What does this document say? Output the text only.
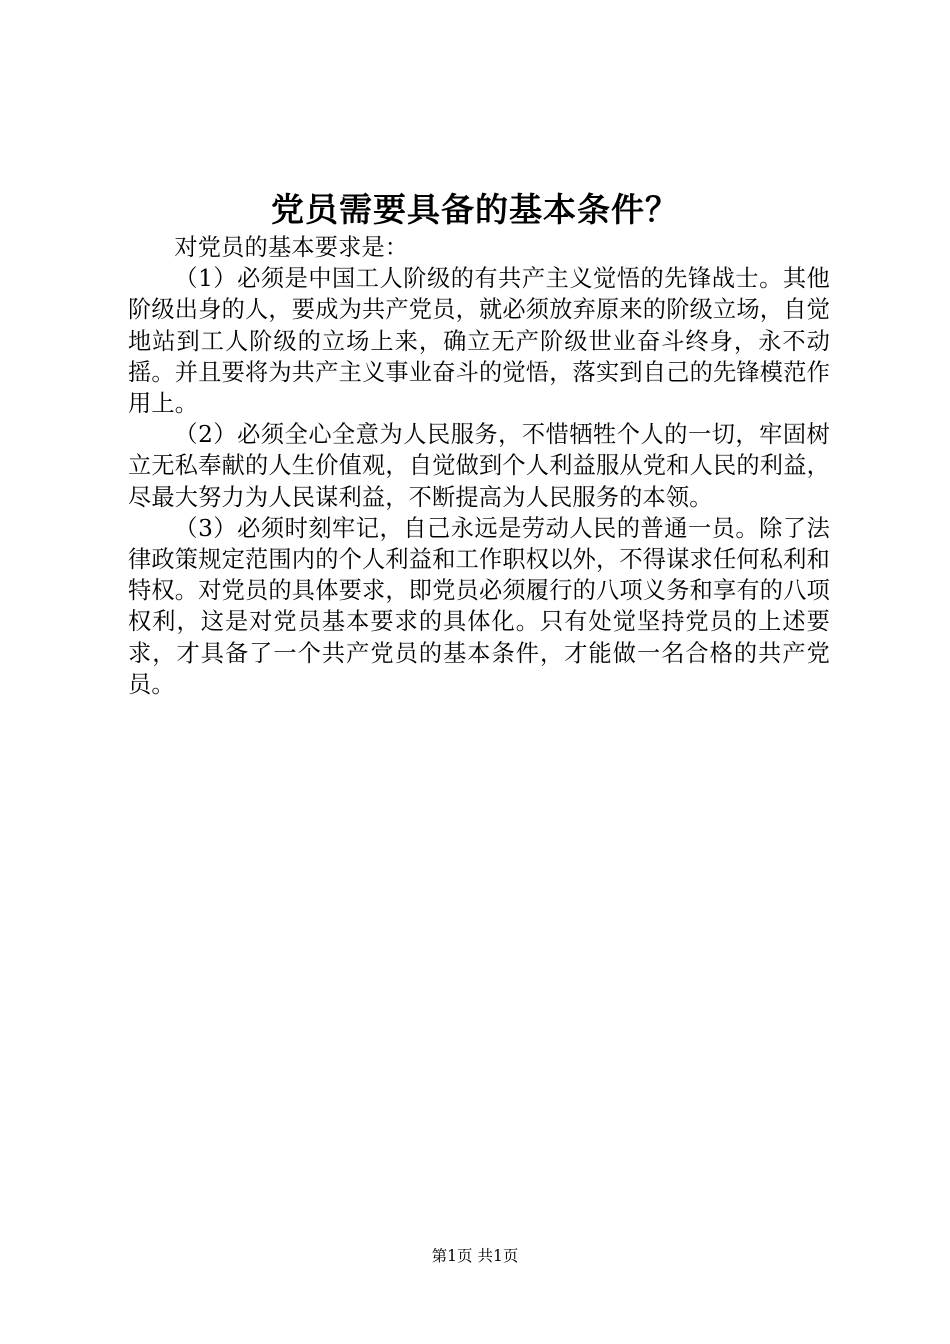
党员需要具备的基本条件？

对党员的基本要求是：

（1）必须是中国工人阶级的有共产主义觉悟的先锋战士。其他阶级出身的人，要成为共产党员，就必须放弃原来的阶级立场，自觉地站到工人阶级的立场上来，确立无产阶级世业奋斗终身，永不动摇。并且要将为共产主义事业奋斗的觉悟，落实到自己的先锋模范作用上。

（2）必须全心全意为人民服务，不惜牺牲个人的一切，牢固树立无私奉献的人生价值观，自觉做到个人利益服从党和人民的利益，尽最大努力为人民谋利益，不断提高为人民服务的本领。

（3）必须时刻牢记，自己永远是劳动人民的普通一员。除了法律政策规定范围内的个人利益和工作职权以外，不得谋求任何私利和特权。对党员的具体要求，即党员必须履行的八项义务和享有的八项权利，这是对党员基本要求的具体化。只有处觉坚持党员的上述要求，才具备了一个共产党员的基本条件，才能做一名合格的共产党员。

第1页 共1页
